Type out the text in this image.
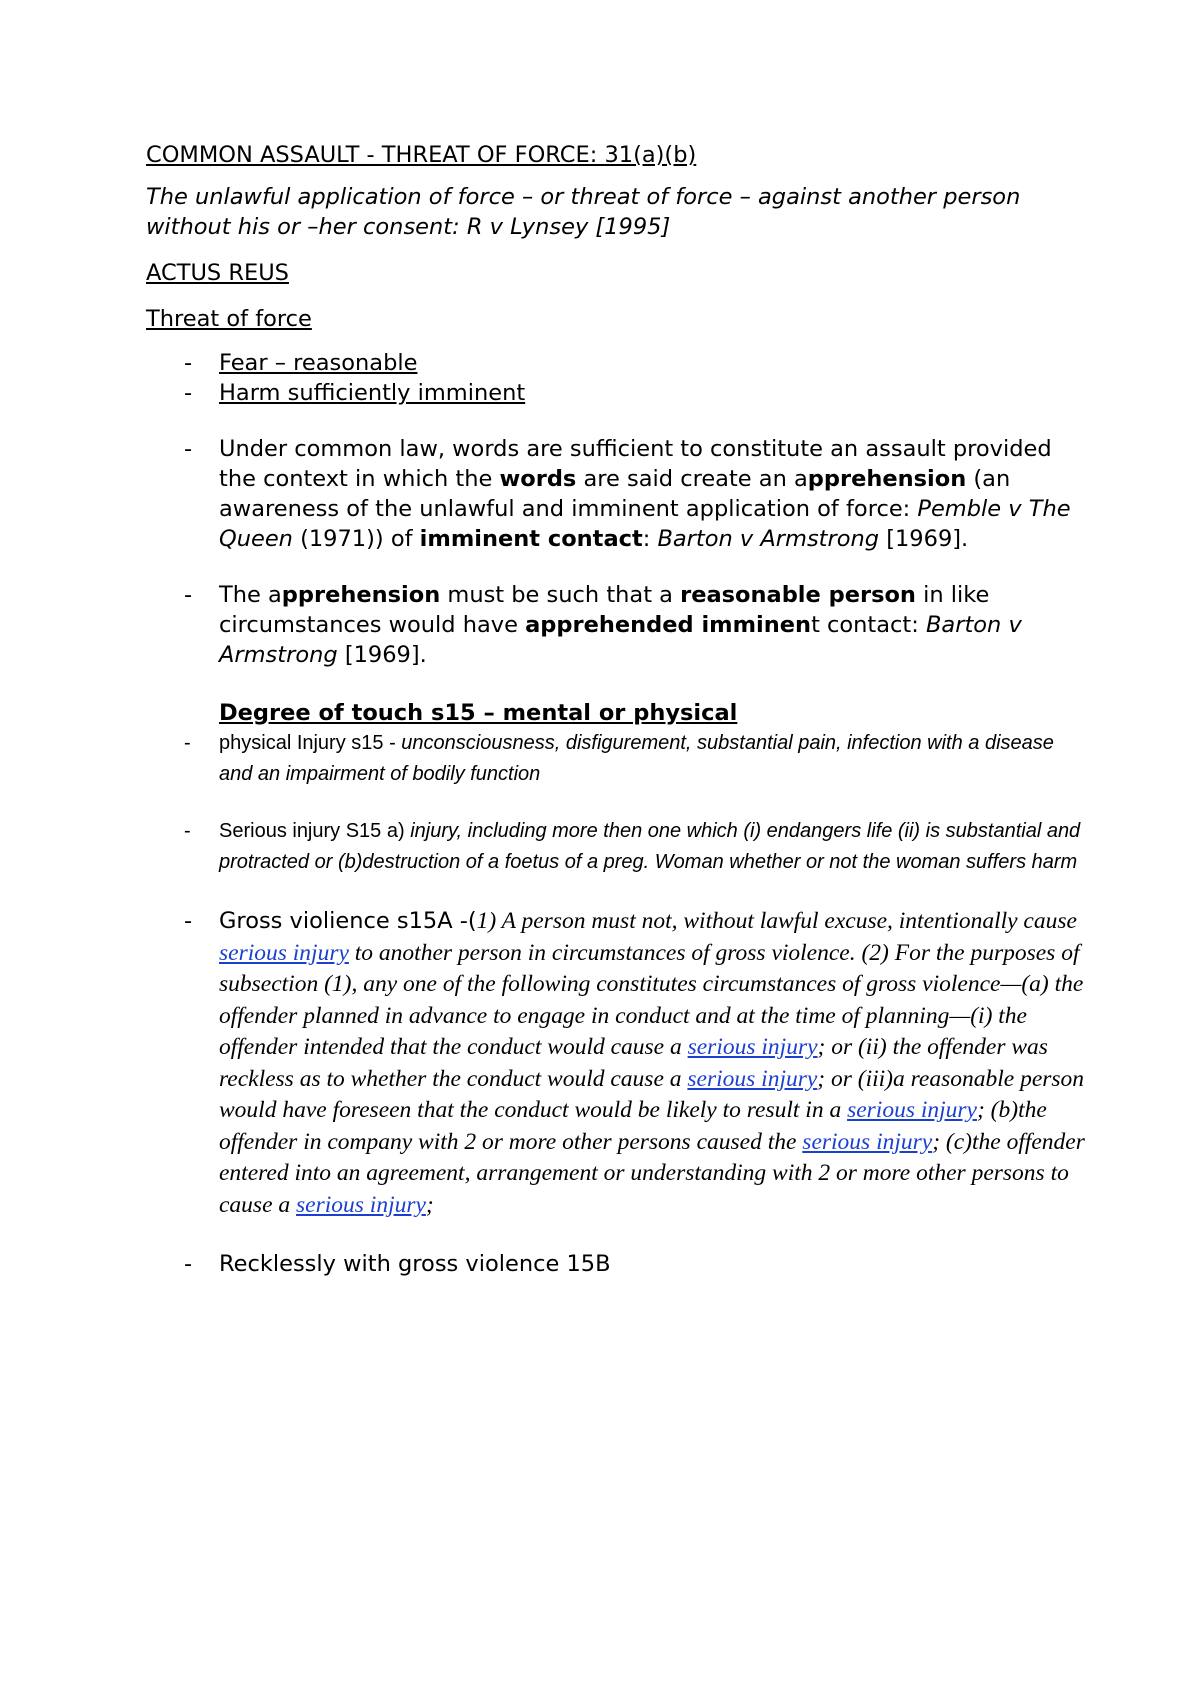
COMMON ASSAULT - THREAT OF FORCE: 31(a)(b)

The unlawful application of force – or threat of force – against another person without his or –her consent: R v Lynsey [1995]

ACTUS REUS

Threat of force

- Fear – reasonable
- Harm sufficiently imminent
- Under common law, words are sufficient to constitute an assault provided the context in which the words are said create an apprehension (an awareness of the unlawful and imminent application of force: Pemble v The Queen (1971)) of imminent contact: Barton v Armstrong [1969].
- The apprehension must be such that a reasonable person in like circumstances would have apprehended imminent contact: Barton v Armstrong [1969].

Degree of touch s15 – mental or physical

- physical Injury s15 - unconsciousness, disfigurement, substantial pain, infection with a disease and an impairment of bodily function
- Serious injury S15 a) injury, including more then one which (i) endangers life (ii) is substantial and protracted or (b)destruction of a foetus of a preg. Woman whether or not the woman suffers harm
- Gross violience s15A -(1) A person must not, without lawful excuse, intentionally cause serious injury to another person in circumstances of gross violence. (2) For the purposes of subsection (1), any one of the following constitutes circumstances of gross violence—(a) the offender planned in advance to engage in conduct and at the time of planning—(i) the offender intended that the conduct would cause a serious injury; or (ii) the offender was reckless as to whether the conduct would cause a serious injury; or (iii)a reasonable person would have foreseen that the conduct would be likely to result in a serious injury; (b)the offender in company with 2 or more other persons caused the serious injury; (c)the offender entered into an agreement, arrangement or understanding with 2 or more other persons to cause a serious injury;
- Recklessly with gross violence 15B
